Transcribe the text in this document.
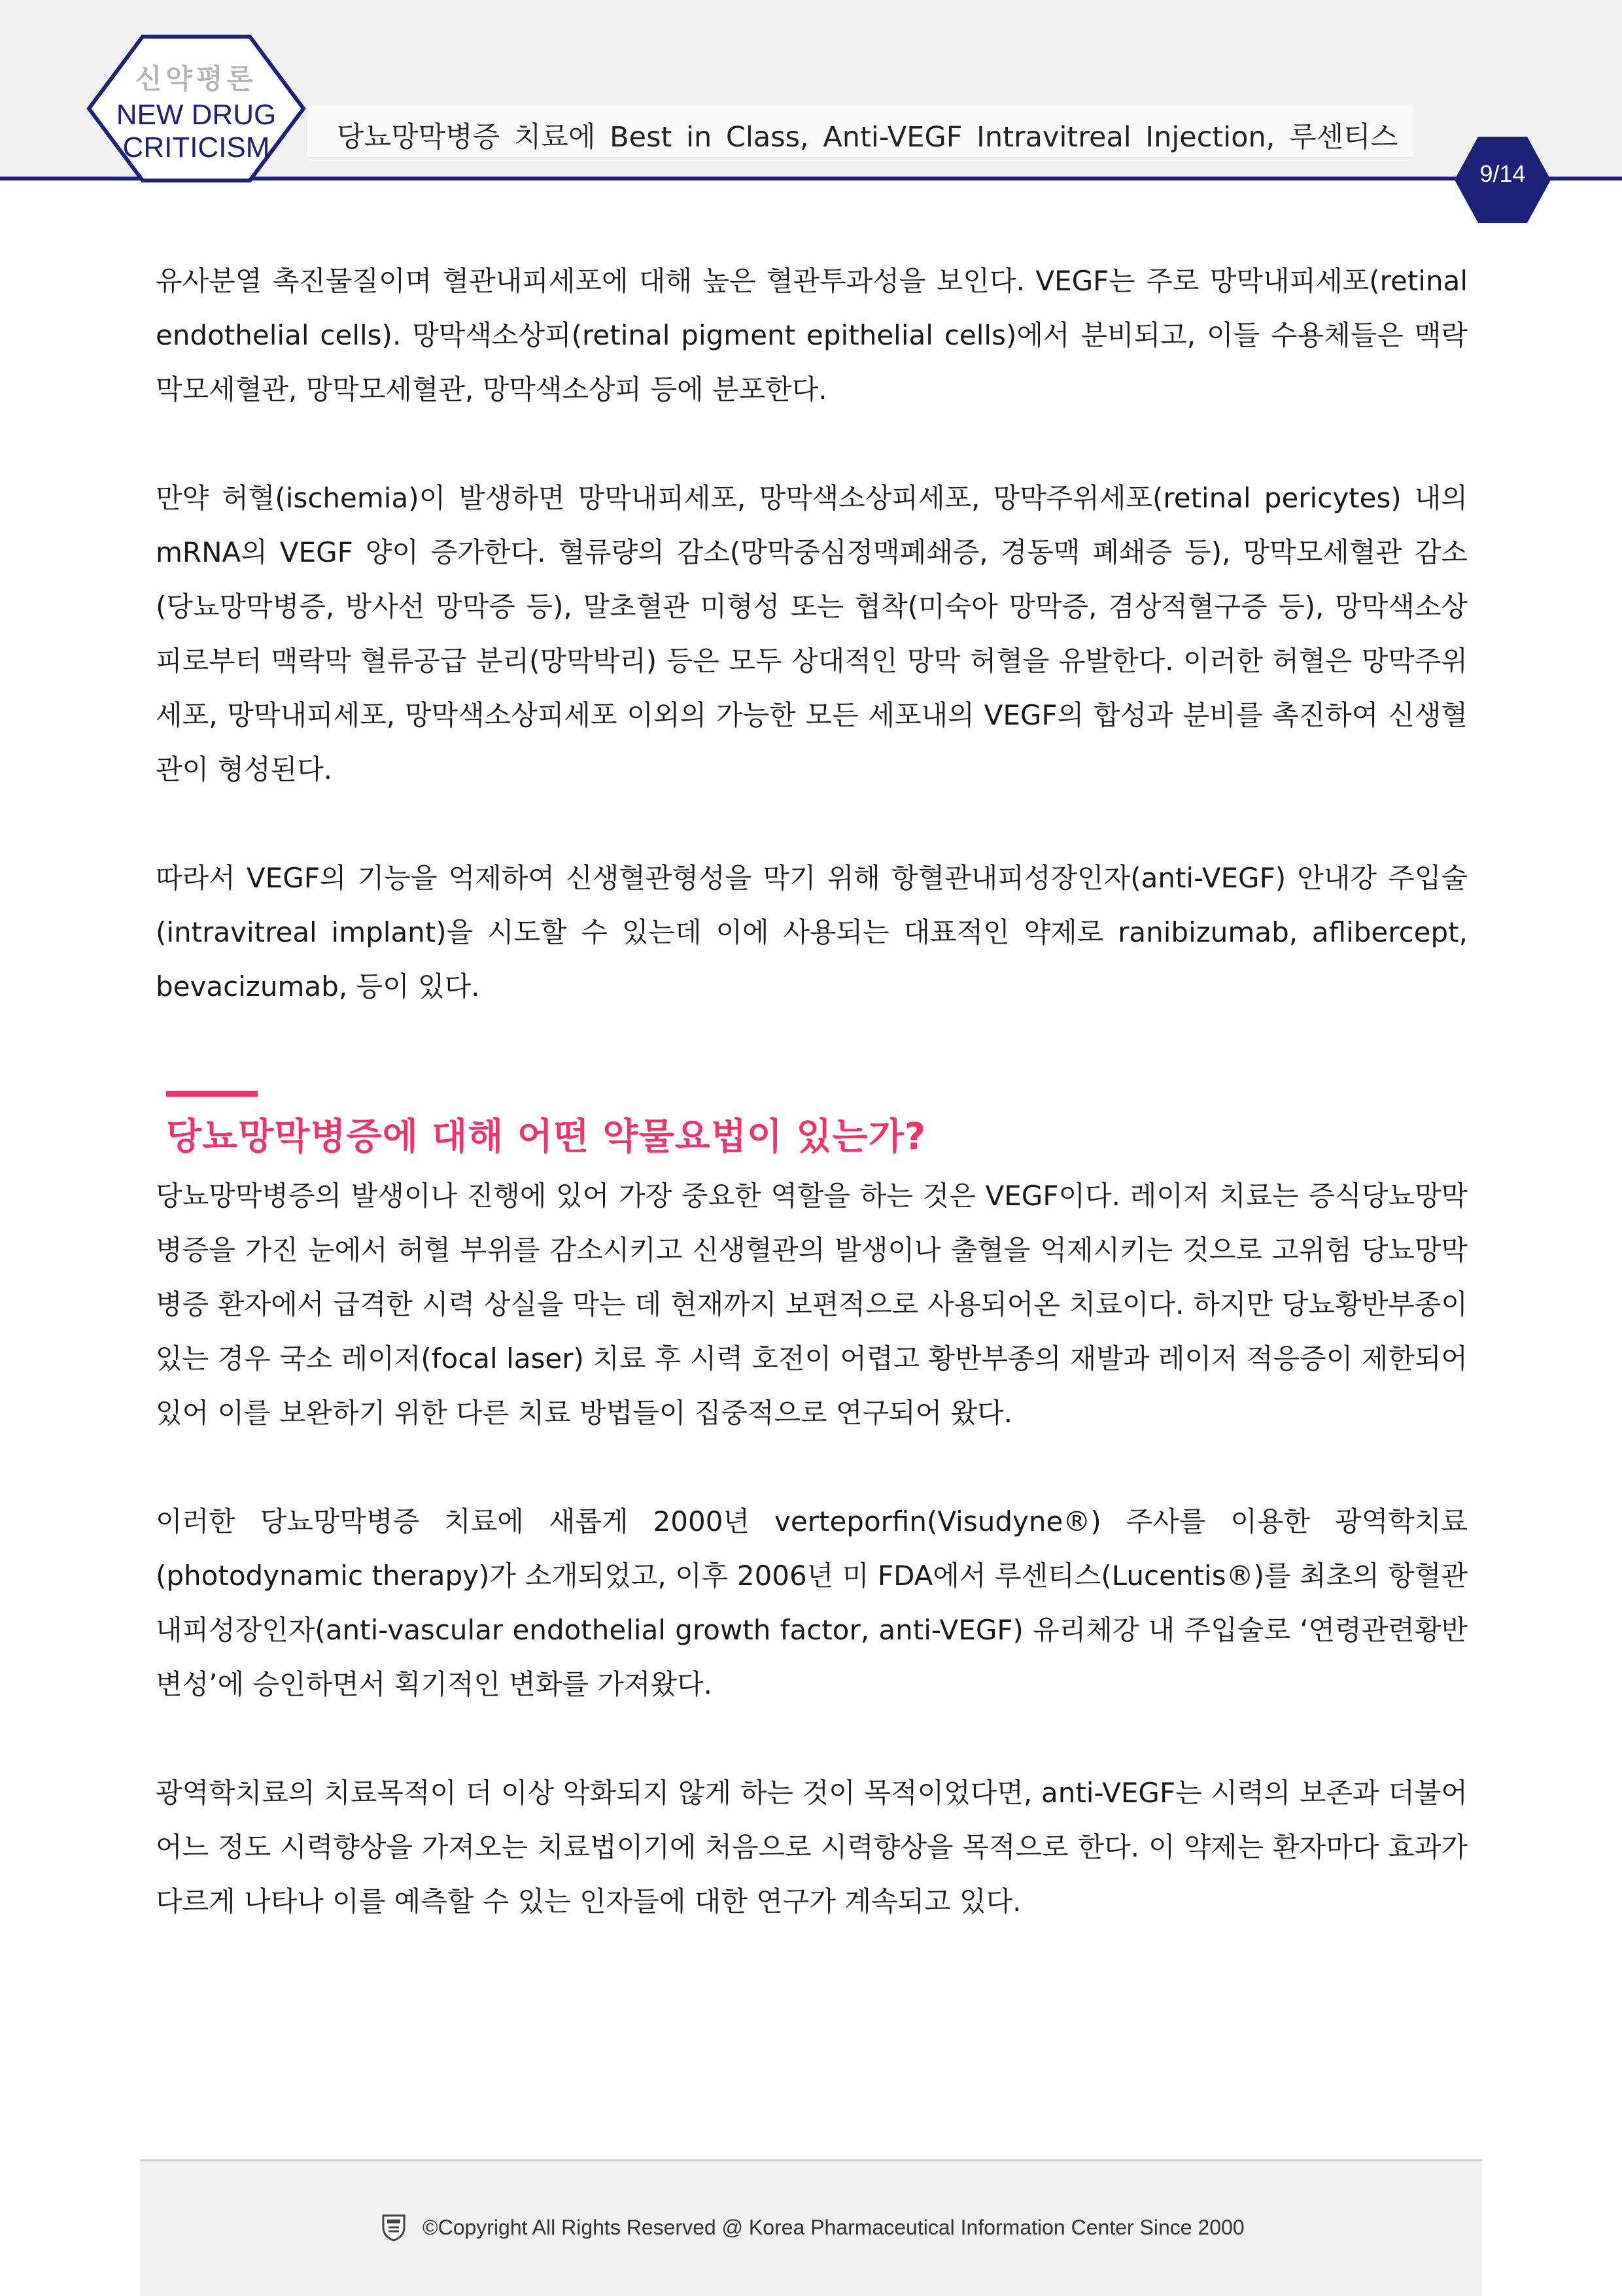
신약평론
NEW DRUG
CRITICISM	당뇨망막병증 치료에 Best in Class, Anti-VEGF Intravitreal Injection, 루센티스
9/14

유사분열 촉진물질이며 혈관내피세포에 대해 높은 혈관투과성을 보인다. VEGF는 주로 망막내피세포(retinal endothelial cells). 망막색소상피(retinal pigment epithelial cells)에서 분비되고, 이들 수용체들은 맥락막모세혈관, 망막모세혈관, 망막색소상피 등에 분포한다.

만약 허혈(ischemia)이 발생하면 망막내피세포, 망막색소상피세포, 망막주위세포(retinal pericytes) 내의 mRNA의 VEGF 양이 증가한다. 혈류량의 감소(망막중심정맥폐쇄증, 경동맥 폐쇄증 등), 망막모세혈관 감소(당뇨망막병증, 방사선 망막증 등), 말초혈관 미형성 또는 협착(미숙아 망막증, 겸상적혈구증 등), 망막색소상피로부터 맥락막 혈류공급 분리(망막박리) 등은 모두 상대적인 망막 허혈을 유발한다. 이러한 허혈은 망막주위세포, 망막내피세포, 망막색소상피세포 이외의 가능한 모든 세포내의 VEGF의 합성과 분비를 촉진하여 신생혈관이 형성된다.

따라서 VEGF의 기능을 억제하여 신생혈관형성을 막기 위해 항혈관내피성장인자(anti-VEGF) 안내강 주입술(intravitreal implant)을 시도할 수 있는데 이에 사용되는 대표적인 약제로 ranibizumab, aflibercept, bevacizumab, 등이 있다.

당뇨망막병증에 대해 어떤 약물요법이 있는가?

당뇨망막병증의 발생이나 진행에 있어 가장 중요한 역할을 하는 것은 VEGF이다. 레이저 치료는 증식당뇨망막병증을 가진 눈에서 허혈 부위를 감소시키고 신생혈관의 발생이나 출혈을 억제시키는 것으로 고위험 당뇨망막병증 환자에서 급격한 시력 상실을 막는 데 현재까지 보편적으로 사용되어온 치료이다. 하지만 당뇨황반부종이 있는 경우 국소 레이저(focal laser) 치료 후 시력 호전이 어렵고 황반부종의 재발과 레이저 적응증이 제한되어 있어 이를 보완하기 위한 다른 치료 방법들이 집중적으로 연구되어 왔다.

이러한 당뇨망막병증 치료에 새롭게 2000년 verteporfin(Visudyne®) 주사를 이용한 광역학치료(photodynamic therapy)가 소개되었고, 이후 2006년 미 FDA에서 루센티스(Lucentis®)를 최초의 항혈관내피성장인자(anti-vascular endothelial growth factor, anti-VEGF) 유리체강 내 주입술로 ‘연령관련황반변성’에 승인하면서 획기적인 변화를 가져왔다.

광역학치료의 치료목적이 더 이상 악화되지 않게 하는 것이 목적이었다면, anti-VEGF는 시력의 보존과 더불어 어느 정도 시력향상을 가져오는 치료법이기에 처음으로 시력향상을 목적으로 한다. 이 약제는 환자마다 효과가 다르게 나타나 이를 예측할 수 있는 인자들에 대한 연구가 계속되고 있다.

©Copyright All Rights Reserved @ Korea Pharmaceutical Information Center Since 2000
